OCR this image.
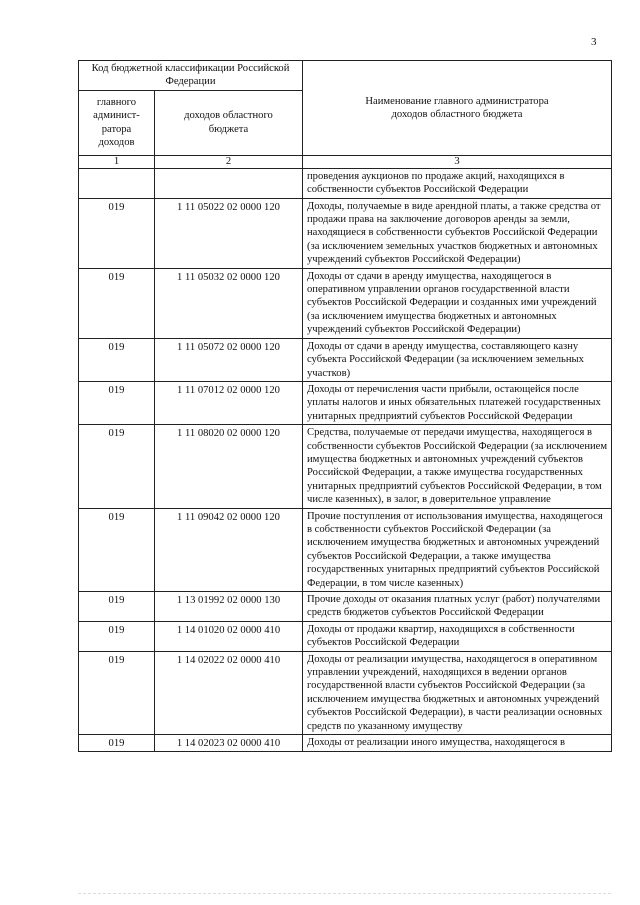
3
Код бюджетной классификации Российской Федерации		Наименование главного администратора доходов областного бюджета
главного админист-ратора доходов	доходов областного бюджета	
1	2	3
		проведения аукционов по продаже акций, находящихся в собственности субъектов Российской Федерации
019	1 11 05022 02 0000 120	Доходы, получаемые в виде арендной платы, а также средства от продажи права на заключение договоров аренды за земли, находящиеся в собственности субъектов Российской Федерации (за исключением земельных участков бюджетных и автономных учреждений субъектов Российской Федерации)
019	1 11 05032 02 0000 120	Доходы от сдачи в аренду имущества, находящегося в оперативном управлении органов государственной власти субъектов Российской Федерации и созданных ими учреждений (за исключением имущества бюджетных и автономных учреждений субъектов Российской Федерации)
019	1 11 05072 02 0000 120	Доходы от сдачи в аренду имущества, составляющего казну субъекта Российской Федерации (за исключением земельных участков)
019	1 11 07012 02 0000 120	Доходы от перечисления части прибыли, остающейся после уплаты налогов и иных обязательных платежей государственных унитарных предприятий субъектов Российской Федерации
019	1 11 08020 02 0000 120	Средства, получаемые от передачи имущества, находящегося в собственности субъектов Российской Федерации (за исключением имущества бюджетных и автономных учреждений субъектов Российской Федерации, а также имущества государственных унитарных предприятий субъектов Российской Федерации, в том числе казенных), в залог, в доверительное управление
019	1 11 09042 02 0000 120	Прочие поступления от использования имущества, находящегося в собственности субъектов Российской Федерации (за исключением имущества бюджетных и автономных учреждений субъектов Российской Федерации, а также имущества государственных унитарных предприятий субъектов Российской Федерации, в том числе казенных)
019	1 13 01992 02 0000 130	Прочие доходы от оказания платных услуг (работ) получателями средств бюджетов субъектов Российской Федерации
019	1 14 01020 02 0000 410	Доходы от продажи квартир, находящихся в собственности субъектов Российской Федерации
019	1 14 02022 02 0000 410	Доходы от реализации имущества, находящегося в оперативном управлении учреждений, находящихся в ведении органов государственной власти субъектов Российской Федерации (за исключением имущества бюджетных и автономных учреждений субъектов Российской Федерации), в части реализации основных средств по указанному имуществу
019	1 14 02023 02 0000 410	Доходы от реализации иного имущества, находящегося в
